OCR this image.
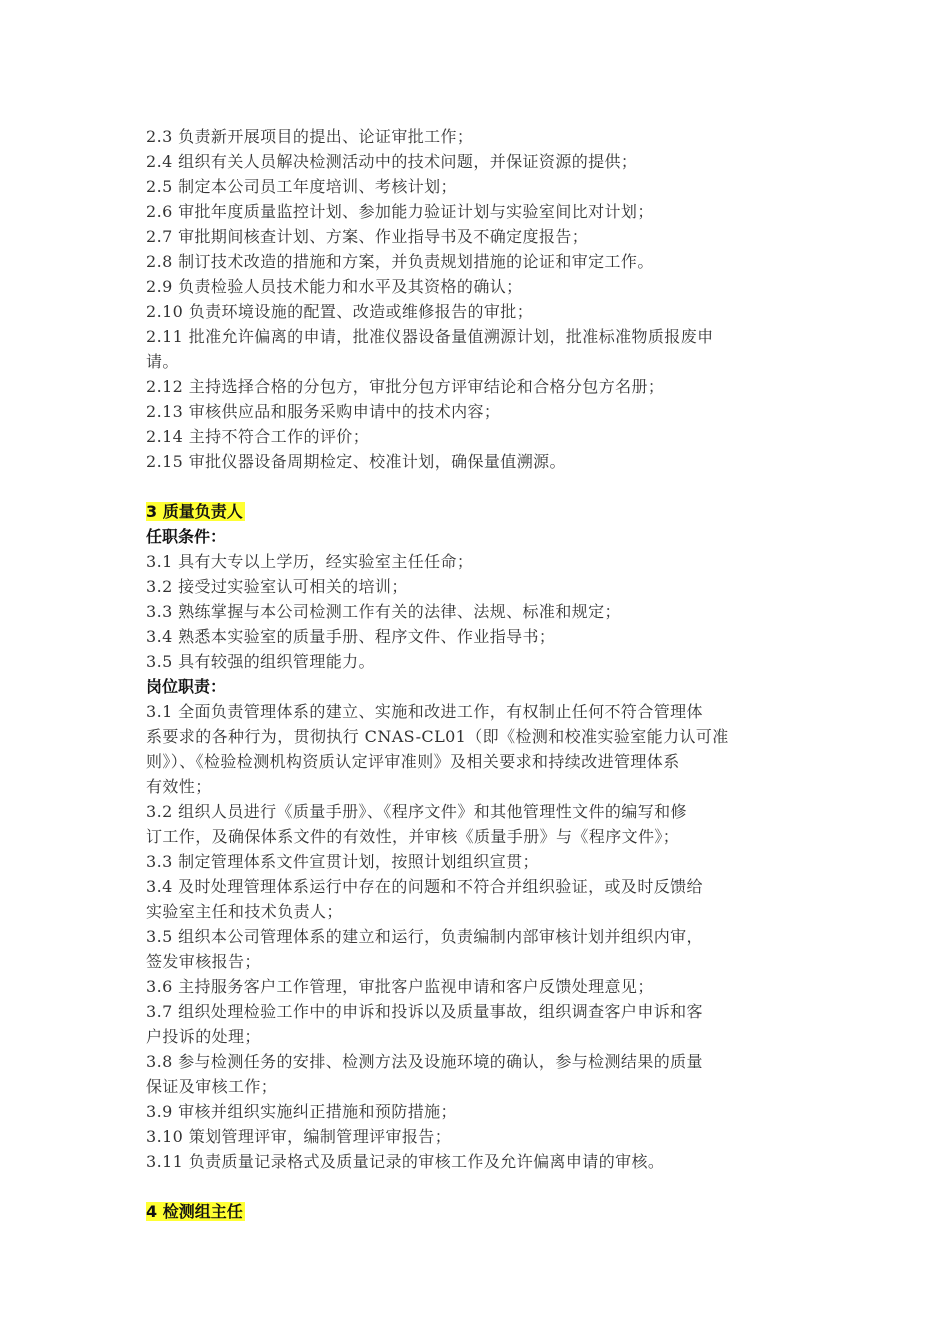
2.3 负责新开展项目的提出、论证审批工作；
2.4 组织有关人员解决检测活动中的技术问题，并保证资源的提供；
2.5 制定本公司员工年度培训、考核计划；
2.6 审批年度质量监控计划、参加能力验证计划与实验室间比对计划；
2.7 审批期间核查计划、方案、作业指导书及不确定度报告；
2.8 制订技术改造的措施和方案，并负责规划措施的论证和审定工作。
2.9 负责检验人员技术能力和水平及其资格的确认；
2.10 负责环境设施的配置、改造或维修报告的审批；
2.11 批准允许偏离的申请，批准仪器设备量值溯源计划，批准标准物质报废申
请。
2.12 主持选择合格的分包方，审批分包方评审结论和合格分包方名册；
2.13 审核供应品和服务采购申请中的技术内容；
2.14 主持不符合工作的评价；
2.15 审批仪器设备周期检定、校准计划，确保量值溯源。
3 质量负责人
任职条件：
3.1 具有大专以上学历，经实验室主任任命；
3.2 接受过实验室认可相关的培训；
3.3 熟练掌握与本公司检测工作有关的法律、法规、标准和规定；
3.4 熟悉本实验室的质量手册、程序文件、作业指导书；
3.5 具有较强的组织管理能力。
岗位职责：
3.1 全面负责管理体系的建立、实施和改进工作，有权制止任何不符合管理体
系要求的各种行为，贯彻执行 CNAS-CL01（即《检测和校准实验室能力认可准
则》）、《检验检测机构资质认定评审准则》及相关要求和持续改进管理体系
有效性；
3.2 组织人员进行《质量手册》、《程序文件》和其他管理性文件的编写和修
订工作，及确保体系文件的有效性，并审核《质量手册》与《程序文件》；
3.3 制定管理体系文件宣贯计划，按照计划组织宣贯；
3.4 及时处理管理体系运行中存在的问题和不符合并组织验证，或及时反馈给
实验室主任和技术负责人；
3.5 组织本公司管理体系的建立和运行，负责编制内部审核计划并组织内审，
签发审核报告；
3.6 主持服务客户工作管理，审批客户监视申请和客户反馈处理意见；
3.7 组织处理检验工作中的申诉和投诉以及质量事故，组织调查客户申诉和客
户投诉的处理；
3.8 参与检测任务的安排、检测方法及设施环境的确认，参与检测结果的质量
保证及审核工作；
3.9 审核并组织实施纠正措施和预防措施；
3.10 策划管理评审，编制管理评审报告；
3.11 负责质量记录格式及质量记录的审核工作及允许偏离申请的审核。
4 检测组主任
